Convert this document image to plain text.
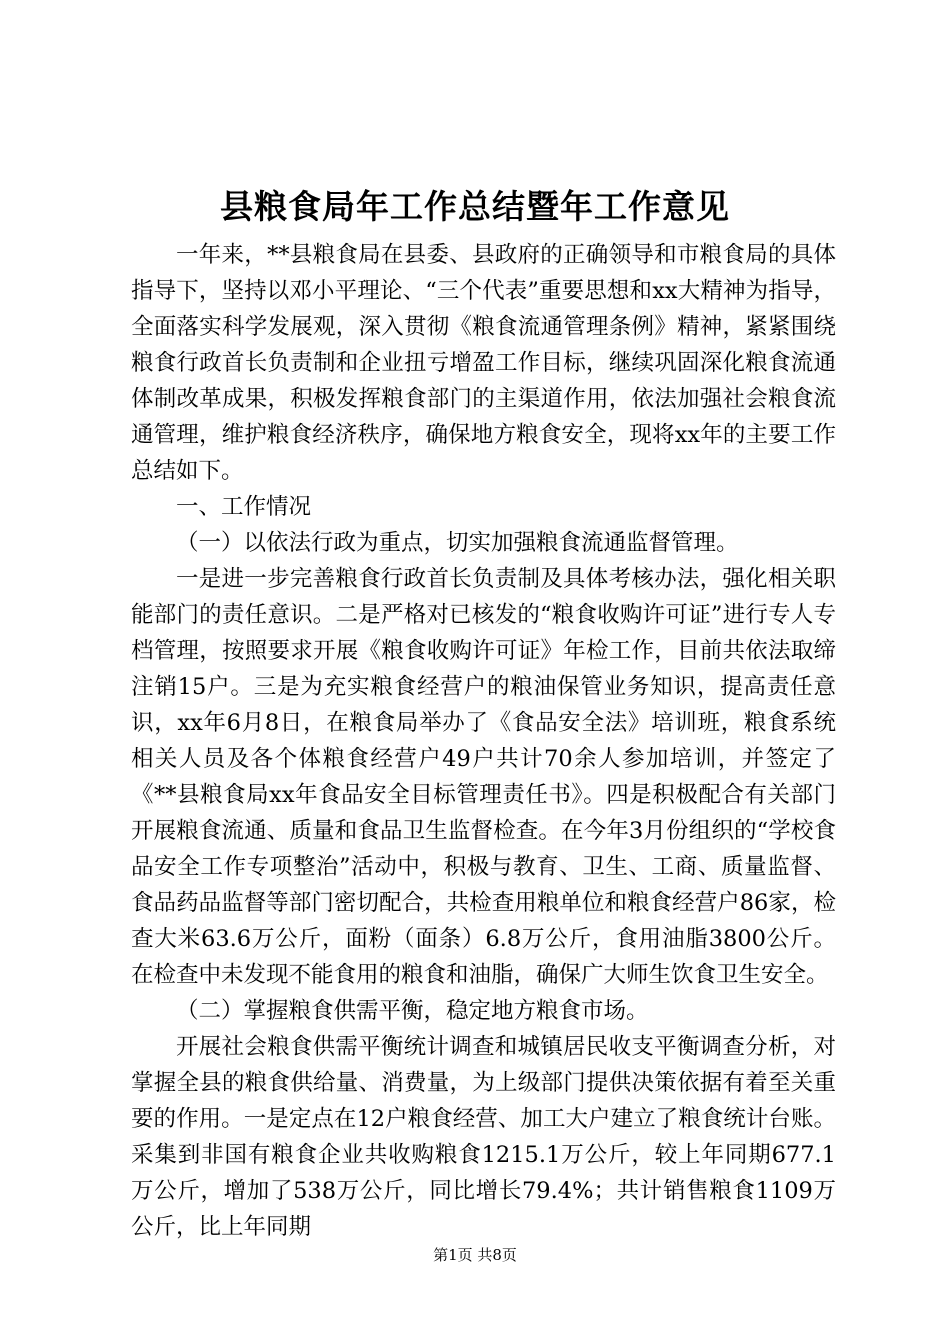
县粮食局年工作总结暨年工作意见

一年来，**县粮食局在县委、县政府的正确领导和市粮食局的具体指导下，坚持以邓小平理论、“三个代表”重要思想和xx大精神为指导，全面落实科学发展观，深入贯彻《粮食流通管理条例》精神，紧紧围绕粮食行政首长负责制和企业扭亏增盈工作目标，继续巩固深化粮食流通体制改革成果，积极发挥粮食部门的主渠道作用，依法加强社会粮食流通管理，维护粮食经济秩序，确保地方粮食安全，现将xx年的主要工作总结如下。

一、工作情况

（一）以依法行政为重点，切实加强粮食流通监督管理。

一是进一步完善粮食行政首长负责制及具体考核办法，强化相关职能部门的责任意识。二是严格对已核发的“粮食收购许可证”进行专人专档管理，按照要求开展《粮食收购许可证》年检工作，目前共依法取缔注销15户。三是为充实粮食经营户的粮油保管业务知识，提高责任意识，xx年6月8日，在粮食局举办了《食品安全法》培训班，粮食系统相关人员及各个体粮食经营户49户共计70余人参加培训，并签定了《**县粮食局xx年食品安全目标管理责任书》。四是积极配合有关部门开展粮食流通、质量和食品卫生监督检查。在今年3月份组织的“学校食品安全工作专项整治”活动中，积极与教育、卫生、工商、质量监督、食品药品监督等部门密切配合，共检查用粮单位和粮食经营户86家，检查大米63.6万公斤，面粉（面条）6.8万公斤，食用油脂3800公斤。在检查中未发现不能食用的粮食和油脂，确保广大师生饮食卫生安全。

（二）掌握粮食供需平衡，稳定地方粮食市场。

开展社会粮食供需平衡统计调查和城镇居民收支平衡调查分析，对掌握全县的粮食供给量、消费量，为上级部门提供决策依据有着至关重要的作用。一是定点在12户粮食经营、加工大户建立了粮食统计台账。采集到非国有粮食企业共收购粮食1215.1万公斤，较上年同期677.1万公斤，增加了538万公斤，同比增长79.4%；共计销售粮食1109万公斤，比上年同期

第1页 共8页
